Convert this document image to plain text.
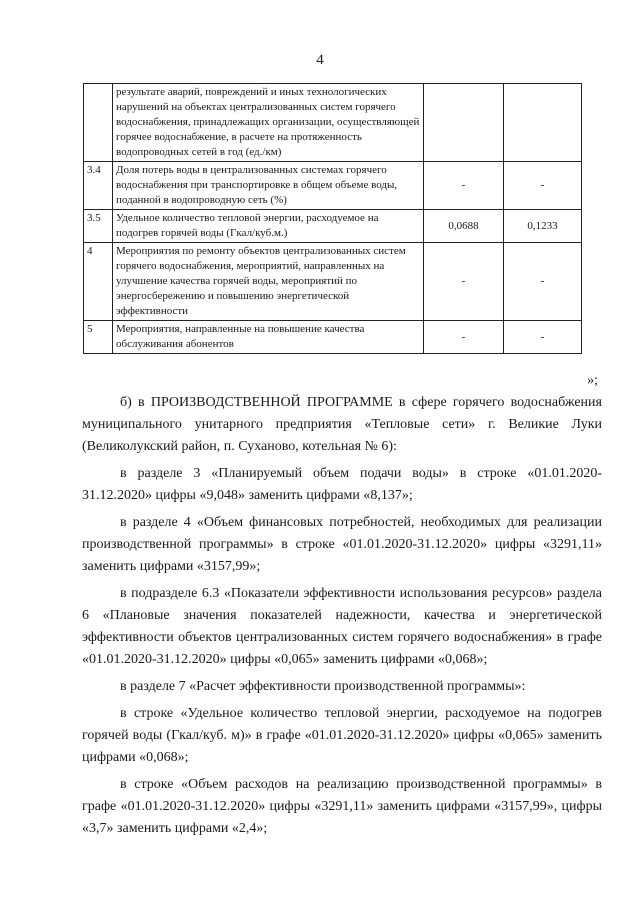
4
	результате аварий, повреждений и иных технологических нарушений на объектах централизованных систем горячего водоснабжения, принадлежащих организации, осуществляющей горячее водоснабжение, в расчете на протяженность водопроводных сетей в год (ед./км)		
3.4	Доля потерь воды в централизованных системах горячего водоснабжения при транспортировке в общем объеме воды, поданной в водопроводную сеть (%)	-	-
3.5	Удельное количество тепловой энергии, расходуемое на подогрев горячей воды (Гкал/куб.м.)	0,0688	0,1233
4	Мероприятия по ремонту объектов централизованных систем горячего водоснабжения, мероприятий, направленных на улучшение качества горячей воды, мероприятий по энергосбережению и повышению энергетической эффективности	-	-
5	Мероприятия, направленные на повышение качества обслуживания абонентов	-	-
»;

б) в ПРОИЗВОДСТВЕННОЙ ПРОГРАММЕ в сфере горячего водоснабжения муниципального унитарного предприятия «Тепловые сети» г. Великие Луки (Великолукский район, п. Суханово, котельная № 6):

в разделе 3 «Планируемый объем подачи воды» в строке «01.01.2020-31.12.2020» цифры «9,048» заменить цифрами «8,137»;

в разделе 4 «Объем финансовых потребностей, необходимых для реализации производственной программы» в строке «01.01.2020-31.12.2020» цифры «3291,11» заменить цифрами «3157,99»;

в подразделе 6.3 «Показатели эффективности использования ресурсов» раздела 6 «Плановые значения показателей надежности, качества и энергетической эффективности объектов централизованных систем горячего водоснабжения» в графе «01.01.2020-31.12.2020» цифры «0,065» заменить цифрами «0,068»;

в разделе 7 «Расчет эффективности производственной программы»:

в строке «Удельное количество тепловой энергии, расходуемое на подогрев горячей воды (Гкал/куб. м)» в графе «01.01.2020-31.12.2020» цифры «0,065» заменить цифрами «0,068»;

в строке «Объем расходов на реализацию производственной программы» в графе «01.01.2020-31.12.2020» цифры «3291,11» заменить цифрами «3157,99», цифры «3,7» заменить цифрами «2,4»;
